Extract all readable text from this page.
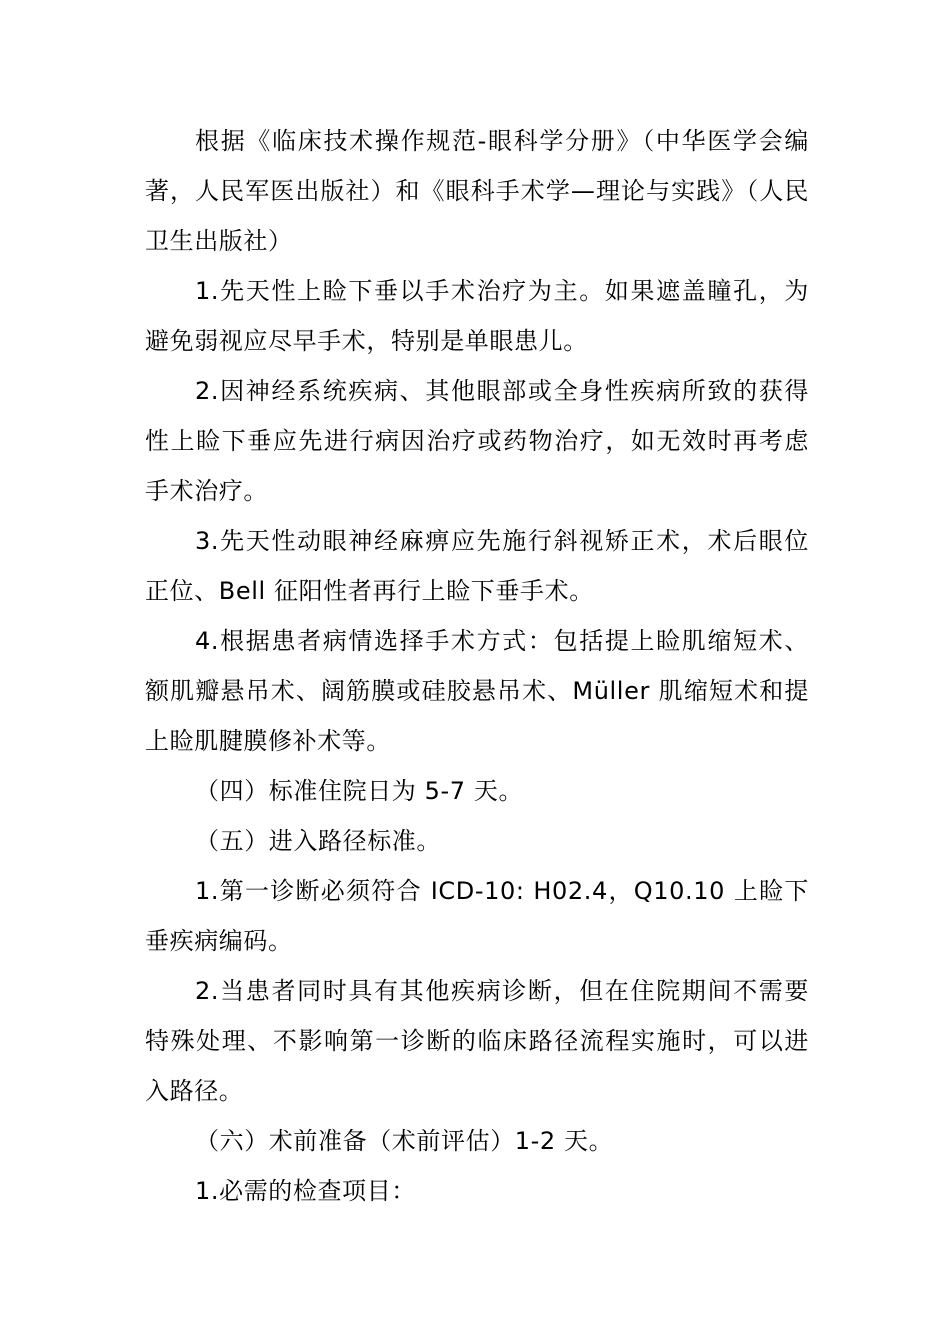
根据《临床技术操作规范-眼科学分册》（中华医学会编著，人民军医出版社）和《眼科手术学—理论与实践》（人民卫生出版社）

1.先天性上睑下垂以手术治疗为主。如果遮盖瞳孔，为避免弱视应尽早手术，特别是单眼患儿。

2.因神经系统疾病、其他眼部或全身性疾病所致的获得性上睑下垂应先进行病因治疗或药物治疗，如无效时再考虑手术治疗。

3.先天性动眼神经麻痹应先施行斜视矫正术，术后眼位正位、Bell 征阳性者再行上睑下垂手术。

4.根据患者病情选择手术方式：包括提上睑肌缩短术、额肌瓣悬吊术、阔筋膜或硅胶悬吊术、Müller 肌缩短术和提上睑肌腱膜修补术等。

（四）标准住院日为 5-7 天。

（五）进入路径标准。

1.第一诊断必须符合 ICD-10: H02.4，Q10.10 上睑下垂疾病编码。

2.当患者同时具有其他疾病诊断，但在住院期间不需要特殊处理、不影响第一诊断的临床路径流程实施时，可以进入路径。

（六）术前准备（术前评估）1-2 天。

1.必需的检查项目：
